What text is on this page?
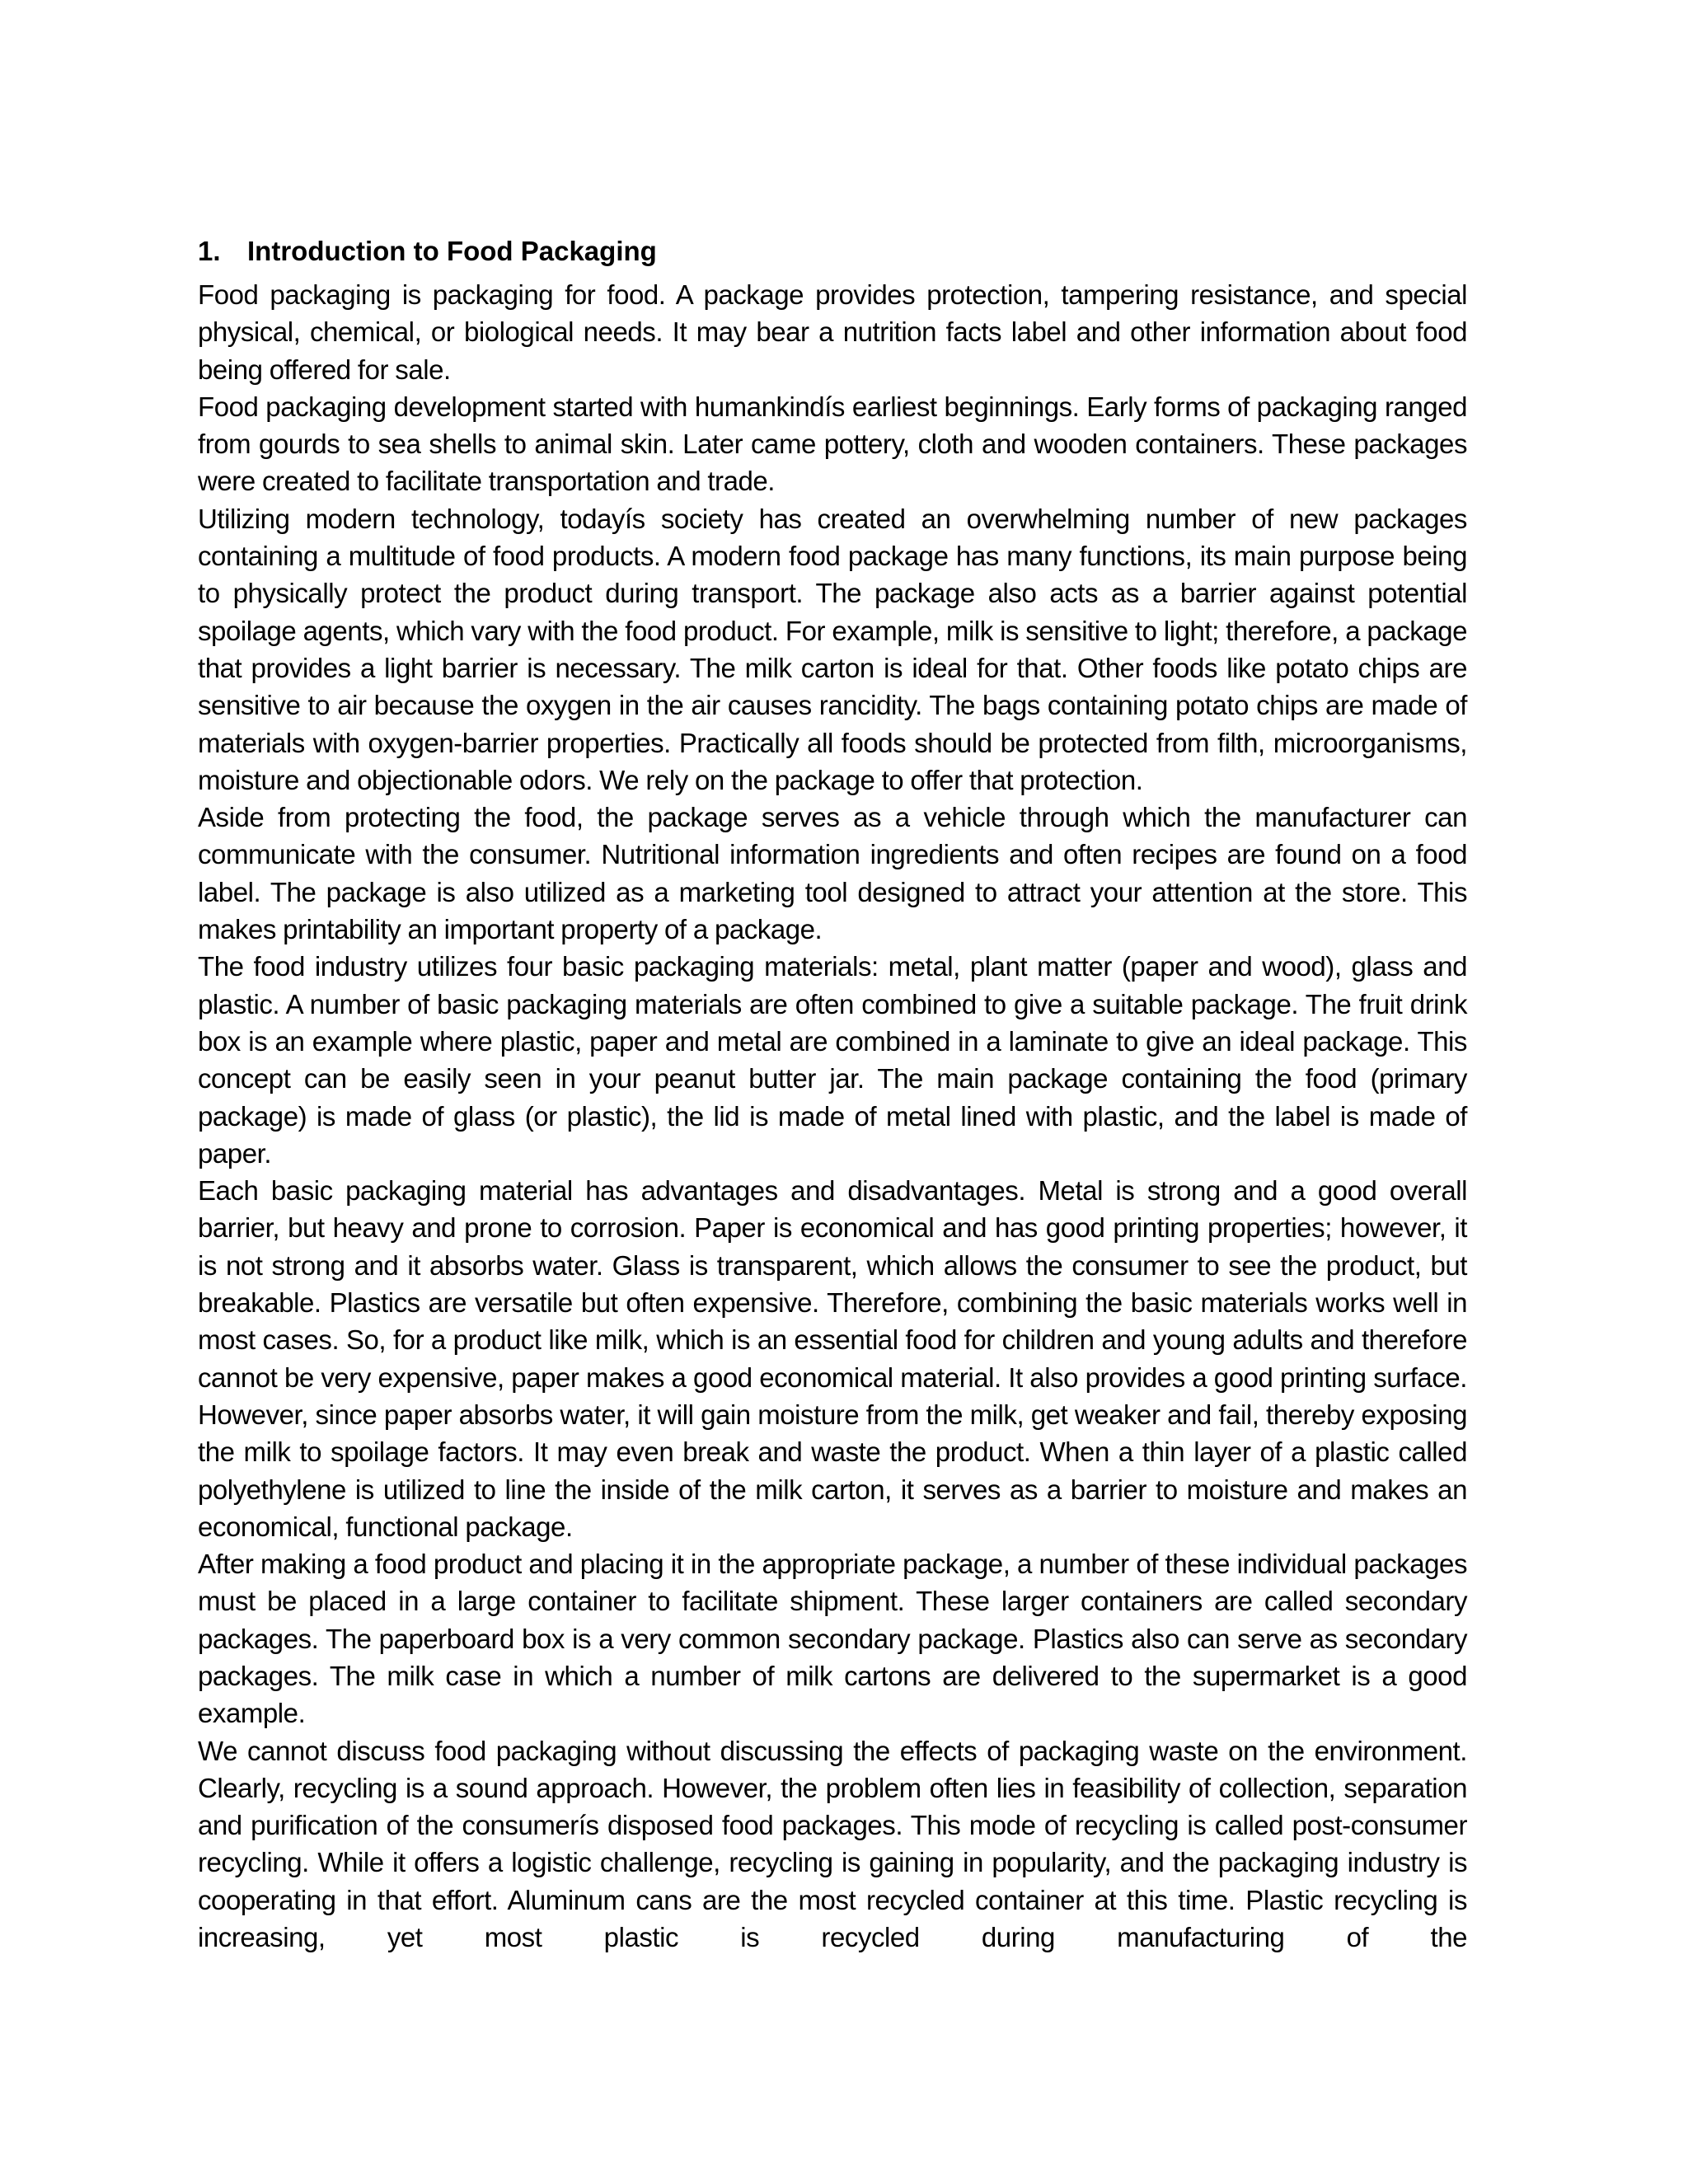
1. Introduction to Food Packaging

Food packaging is packaging for food. A package provides protection, tampering resistance, and special physical, chemical, or biological needs. It may bear a nutrition facts label and other information about food being offered for sale.

Food packaging development started with humankindís earliest beginnings. Early forms of packaging ranged from gourds to sea shells to animal skin. Later came pottery, cloth and wooden containers. These packages were created to facilitate transportation and trade.

Utilizing modern technology, todayís society has created an overwhelming number of new packages containing a multitude of food products. A modern food package has many functions, its main purpose being to physically protect the product during transport. The package also acts as a barrier against potential spoilage agents, which vary with the food product. For example, milk is sensitive to light; therefore, a package that provides a light barrier is necessary. The milk carton is ideal for that. Other foods like potato chips are sensitive to air because the oxygen in the air causes rancidity. The bags containing potato chips are made of materials with oxygen-barrier properties. Practically all foods should be protected from filth, microorganisms, moisture and objectionable odors. We rely on the package to offer that protection.

Aside from protecting the food, the package serves as a vehicle through which the manufacturer can communicate with the consumer. Nutritional information ingredients and often recipes are found on a food label. The package is also utilized as a marketing tool designed to attract your attention at the store. This makes printability an important property of a package.

The food industry utilizes four basic packaging materials: metal, plant matter (paper and wood), glass and plastic. A number of basic packaging materials are often combined to give a suitable package. The fruit drink box is an example where plastic, paper and metal are combined in a laminate to give an ideal package. This concept can be easily seen in your peanut butter jar. The main package containing the food (primary package) is made of glass (or plastic), the lid is made of metal lined with plastic, and the label is made of paper.

Each basic packaging material has advantages and disadvantages. Metal is strong and a good overall barrier, but heavy and prone to corrosion. Paper is economical and has good printing properties; however, it is not strong and it absorbs water. Glass is transparent, which allows the consumer to see the product, but breakable. Plastics are versatile but often expensive. Therefore, combining the basic materials works well in most cases. So, for a product like milk, which is an essential food for children and young adults and therefore cannot be very expensive, paper makes a good economical material. It also provides a good printing surface. However, since paper absorbs water, it will gain moisture from the milk, get weaker and fail, thereby exposing the milk to spoilage factors. It may even break and waste the product. When a thin layer of a plastic called polyethylene is utilized to line the inside of the milk carton, it serves as a barrier to moisture and makes an economical, functional package.

After making a food product and placing it in the appropriate package, a number of these individual packages must be placed in a large container to facilitate shipment. These larger containers are called secondary packages. The paperboard box is a very common secondary package. Plastics also can serve as secondary packages. The milk case in which a number of milk cartons are delivered to the supermarket is a good example.

We cannot discuss food packaging without discussing the effects of packaging waste on the environment. Clearly, recycling is a sound approach. However, the problem often lies in feasibility of collection, separation and purification of the consumerís disposed food packages. This mode of recycling is called post-consumer recycling. While it offers a logistic challenge, recycling is gaining in popularity, and the packaging industry is cooperating in that effort. Aluminum cans are the most recycled container at this time. Plastic recycling is increasing, yet most plastic is recycled during manufacturing of the
